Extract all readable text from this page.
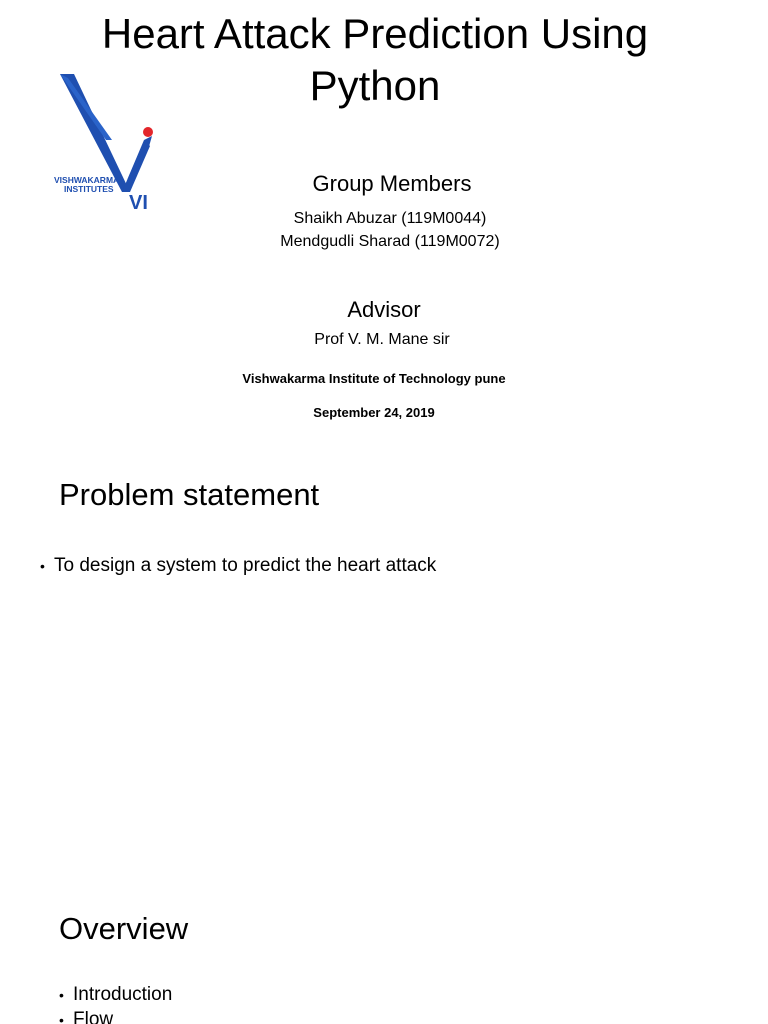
Heart Attack Prediction Using
Python
VISHWAKARMA
INSTITUTES
VI
Group Members
Shaikh Abuzar (119M0044)
Mendgudli Sharad (119M0072)
Advisor
Prof V. M. Mane sir
Vishwakarma Institute of Technology pune
September 24, 2019
Problem statement
• To design a system to predict the heart attack
Overview
• Introduction
• Flow
